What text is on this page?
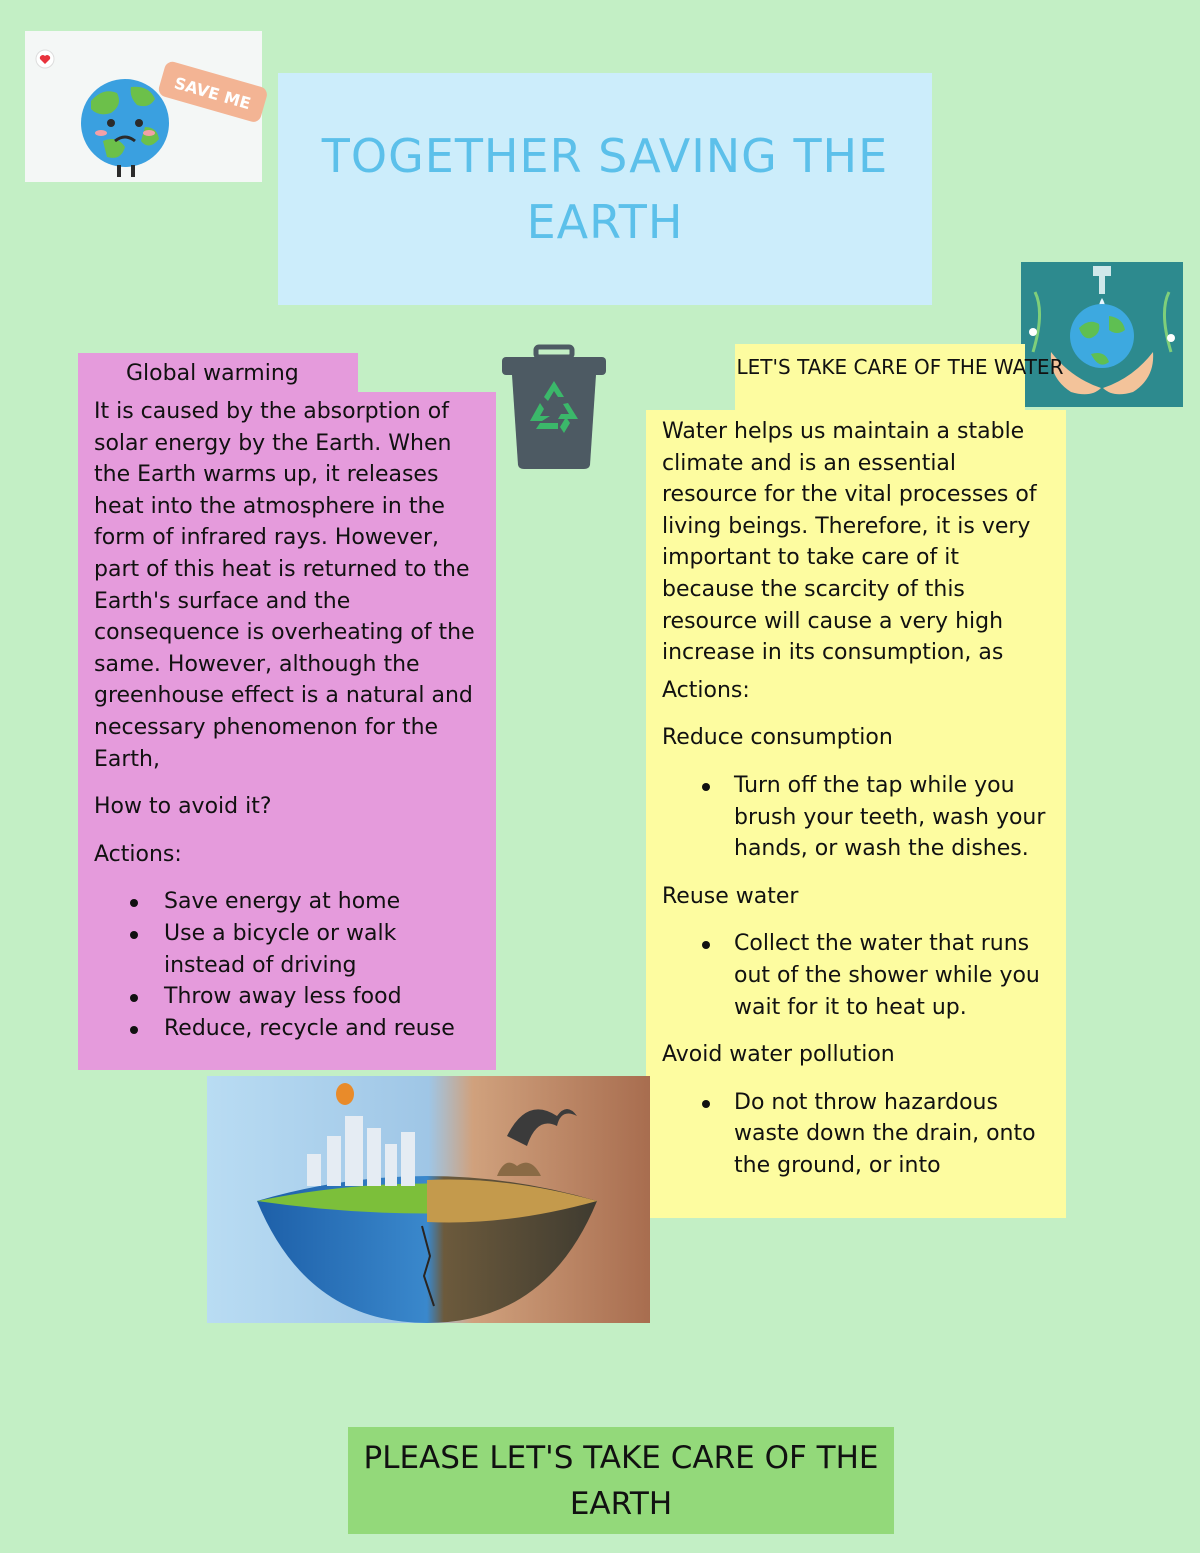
SAVE ME
TOGETHER SAVING THE EARTH
Global warming

It is caused by the absorption of solar energy by the Earth. When the Earth warms up, it releases heat into the atmosphere in the form of infrared rays. However, part of this heat is returned to the Earth's surface and the consequence is overheating of the same. However, although the greenhouse effect is a natural and necessary phenomenon for the Earth,

How to avoid it?

Actions:

Save energy at home
Use a bicycle or walk instead of driving
Throw away less food
Reduce, recycle and reuse
LET'S TAKE CARE OF THE WATER

Water helps us maintain a stable climate and is an essential resource for the vital processes of living beings. Therefore, it is very important to take care of it because the scarcity of this resource will cause a very high increase in its consumption, as

Actions:

Reduce consumption

Turn off the tap while you brush your teeth, wash your hands, or wash the dishes.

Reuse water

Collect the water that runs out of the shower while you wait for it to heat up.

Avoid water pollution

Do not throw hazardous waste down the drain, onto the ground, or into
PLEASE LET'S TAKE CARE OF THE EARTH
